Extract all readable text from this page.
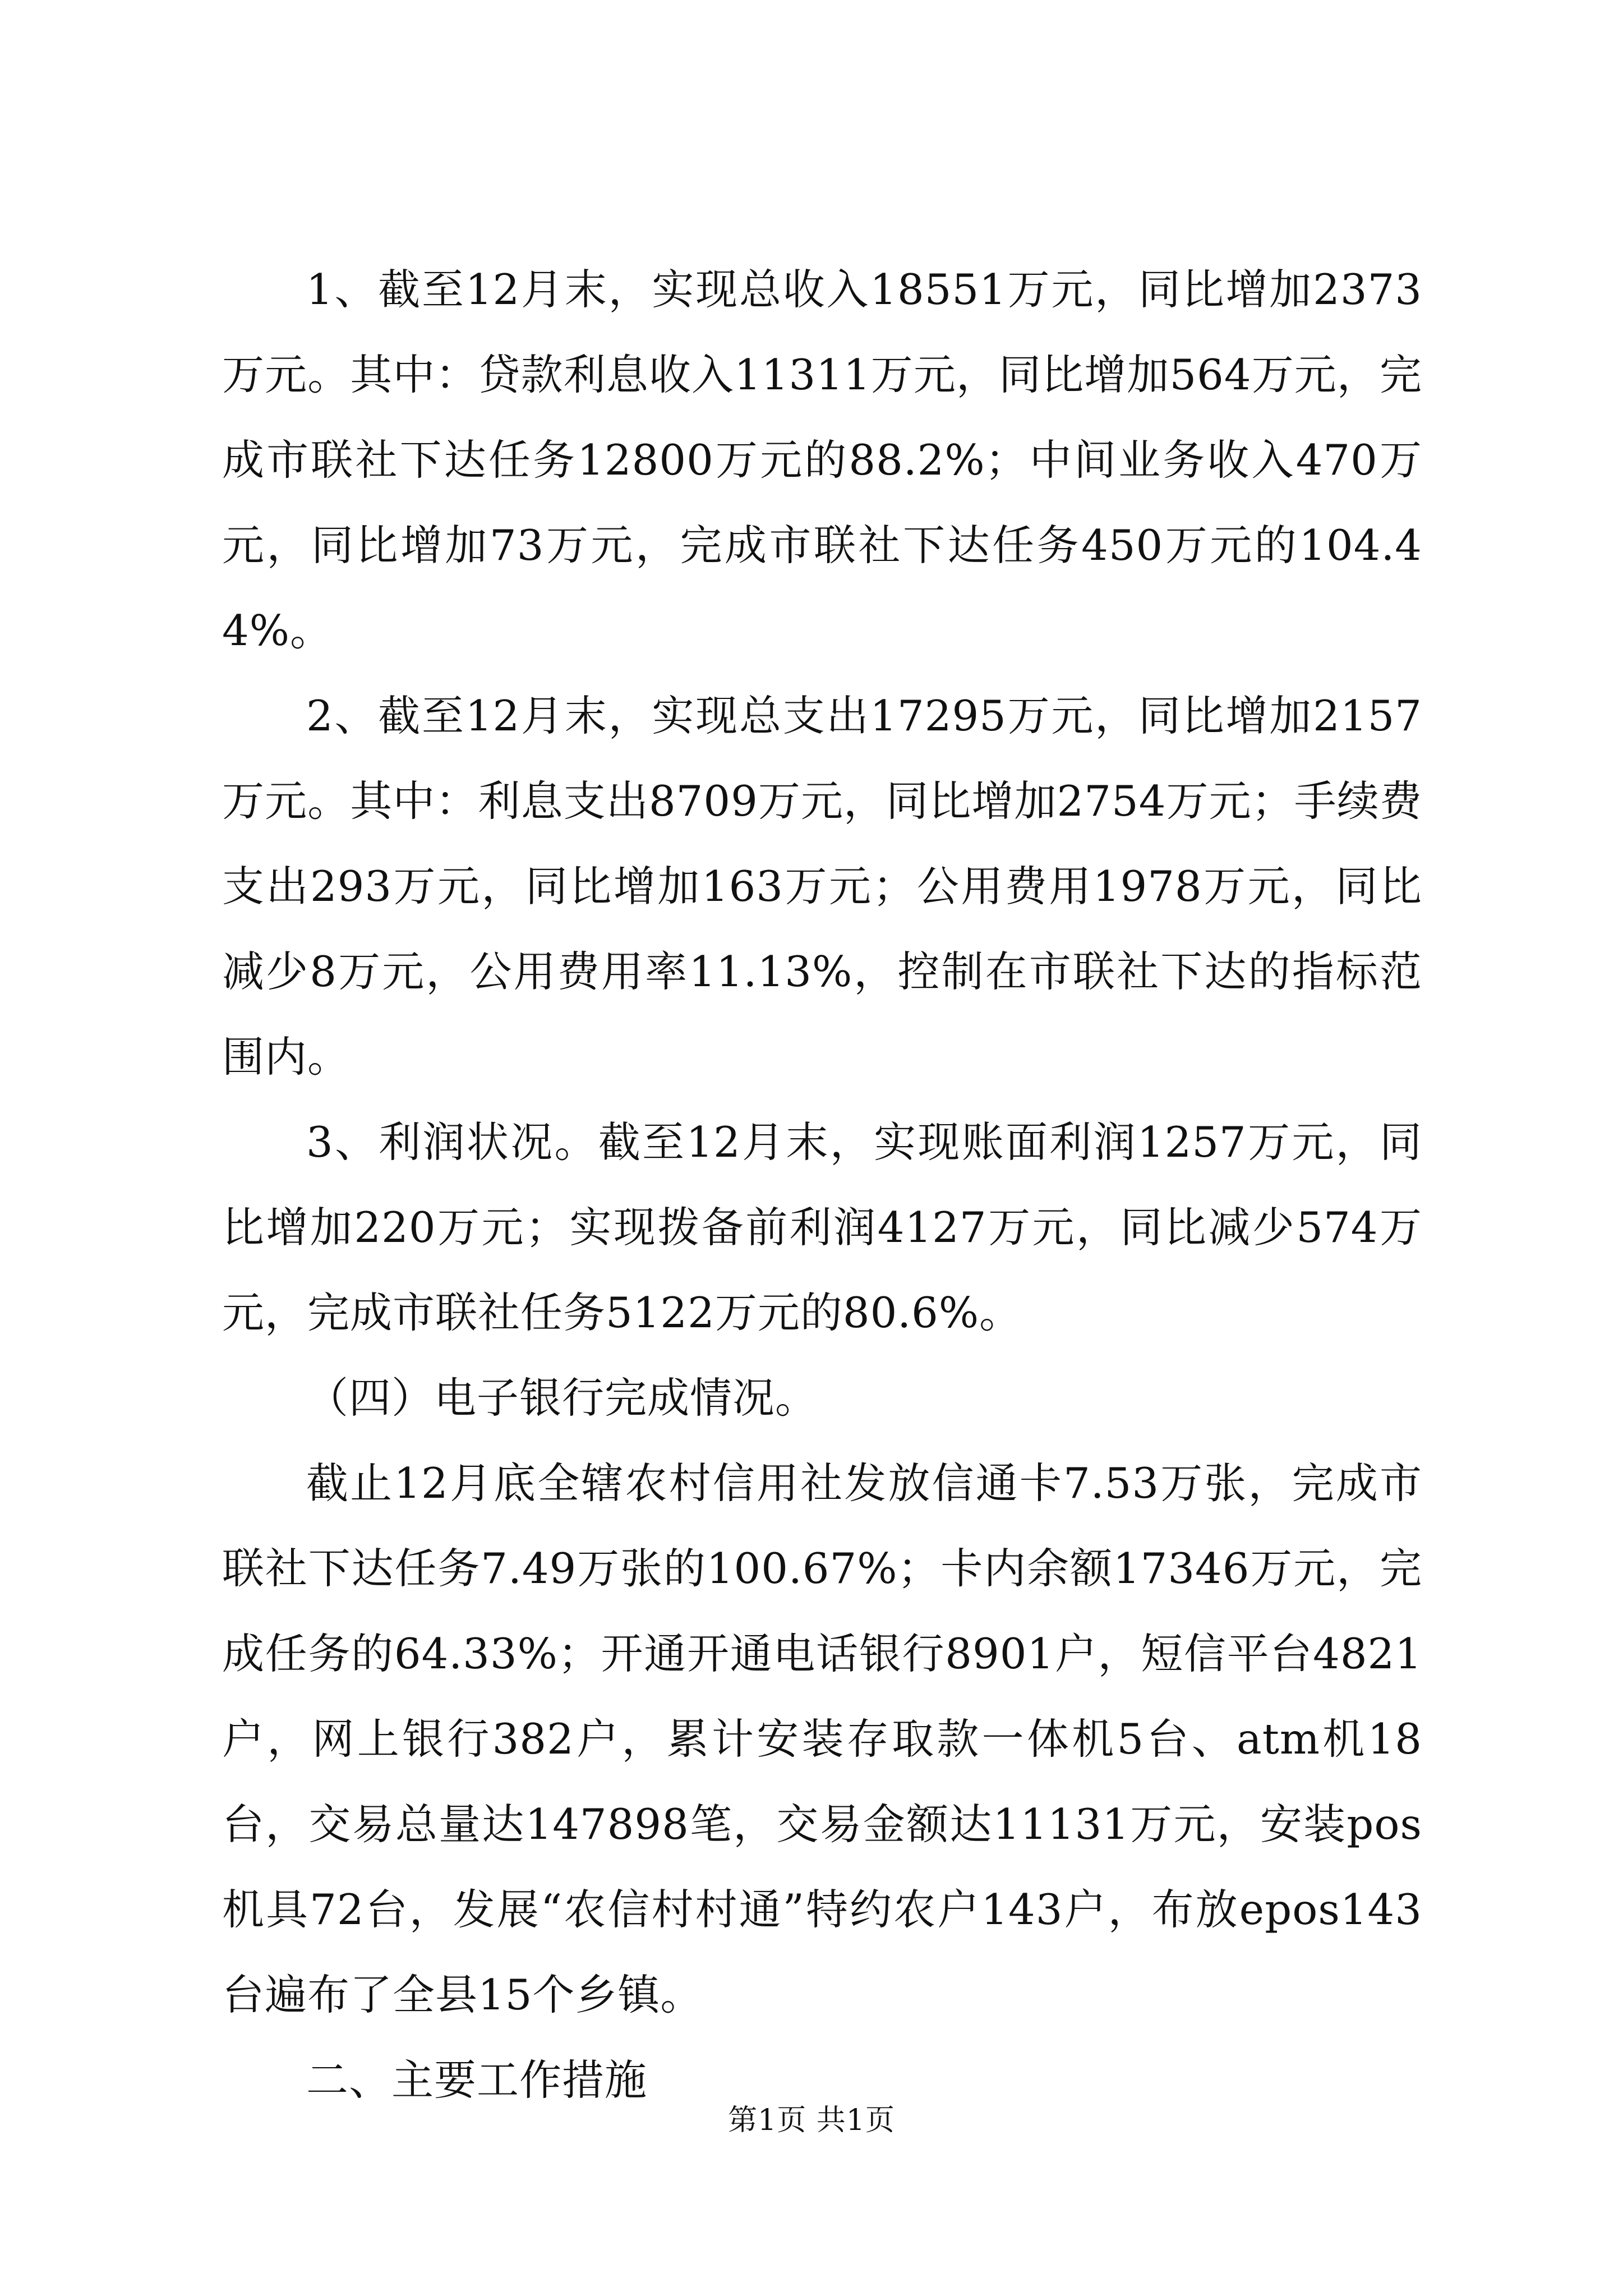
1、截至12月末，实现总收入18551万元，同比增加2373万元。其中：贷款利息收入11311万元，同比增加564万元，完成市联社下达任务12800万元的88.2%；中间业务收入470万元，同比增加73万元，完成市联社下达任务450万元的104.44%。

2、截至12月末，实现总支出17295万元，同比增加2157万元。其中：利息支出8709万元，同比增加2754万元；手续费支出293万元，同比增加163万元；公用费用1978万元，同比减少8万元，公用费用率11.13%，控制在市联社下达的指标范围内。

3、利润状况。截至12月末，实现账面利润1257万元，同比增加220万元；实现拨备前利润4127万元，同比减少574万元，完成市联社任务5122万元的80.6%。

（四）电子银行完成情况。

截止12月底全辖农村信用社发放信通卡7.53万张，完成市联社下达任务7.49万张的100.67%；卡内余额17346万元，完成任务的64.33%；开通开通电话银行8901户，短信平台4821户，网上银行382户，累计安装存取款一体机5台、atm机18台，交易总量达147898笔，交易金额达11131万元，安装pos机具72台，发展“农信村村通”特约农户143户，布放epos143台遍布了全县15个乡镇。

二、主要工作措施

第1页 共1页
